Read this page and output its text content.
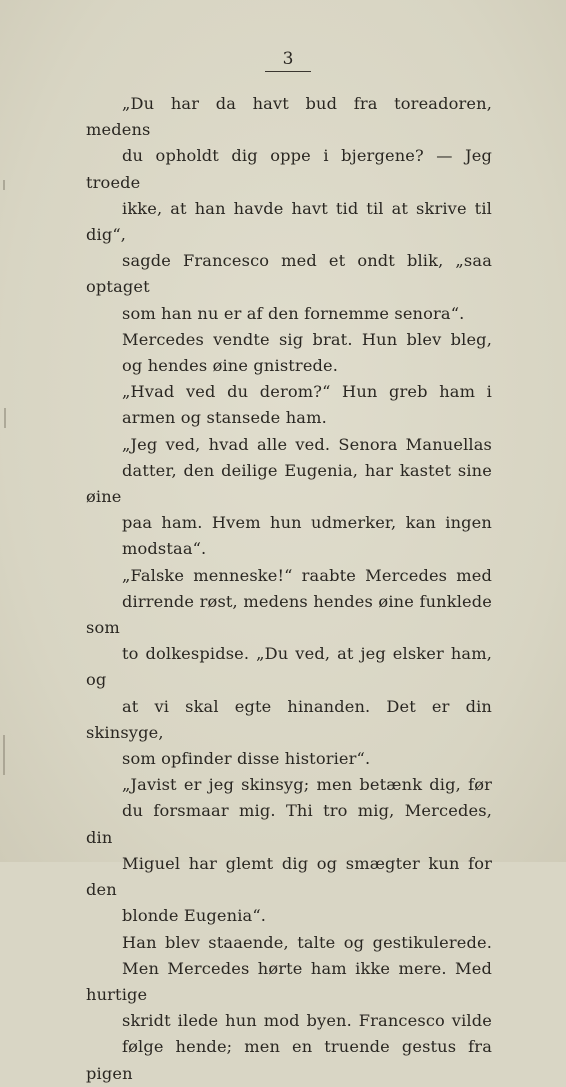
3

„Du har da havt bud fra toreadoren, medens
du opholdt dig oppe i bjergene? — Jeg troede
ikke, at han havde havt tid til at skrive til dig“,
sagde Francesco med et ondt blik, „saa optaget
som han nu er af den fornemme senora“.

Mercedes vendte sig brat. Hun blev bleg,
og hendes øine gnistrede.

„Hvad ved du derom?“ Hun greb ham i
armen og stansede ham.

„Jeg ved, hvad alle ved. Senora Manuellas
datter, den deilige Eugenia, har kastet sine øine
paa ham. Hvem hun udmerker, kan ingen
modstaa“.

„Falske menneske!“ raabte Mercedes med
dirrende røst, medens hendes øine funklede som
to dolkespidse. „Du ved, at jeg elsker ham, og
at vi skal egte hinanden. Det er din skinsyge,
som opfinder disse historier“.

„Javist er jeg skinsyg; men betænk dig, før
du forsmaar mig. Thi tro mig, Mercedes, din
Miguel har glemt dig og smægter kun for den
blonde Eugenia“.

Han blev staaende, talte og gestikulerede.
Men Mercedes hørte ham ikke mere. Med hurtige
skridt ilede hun mod byen. Francesco vilde
følge hende; men en truende gestus fra pigen
